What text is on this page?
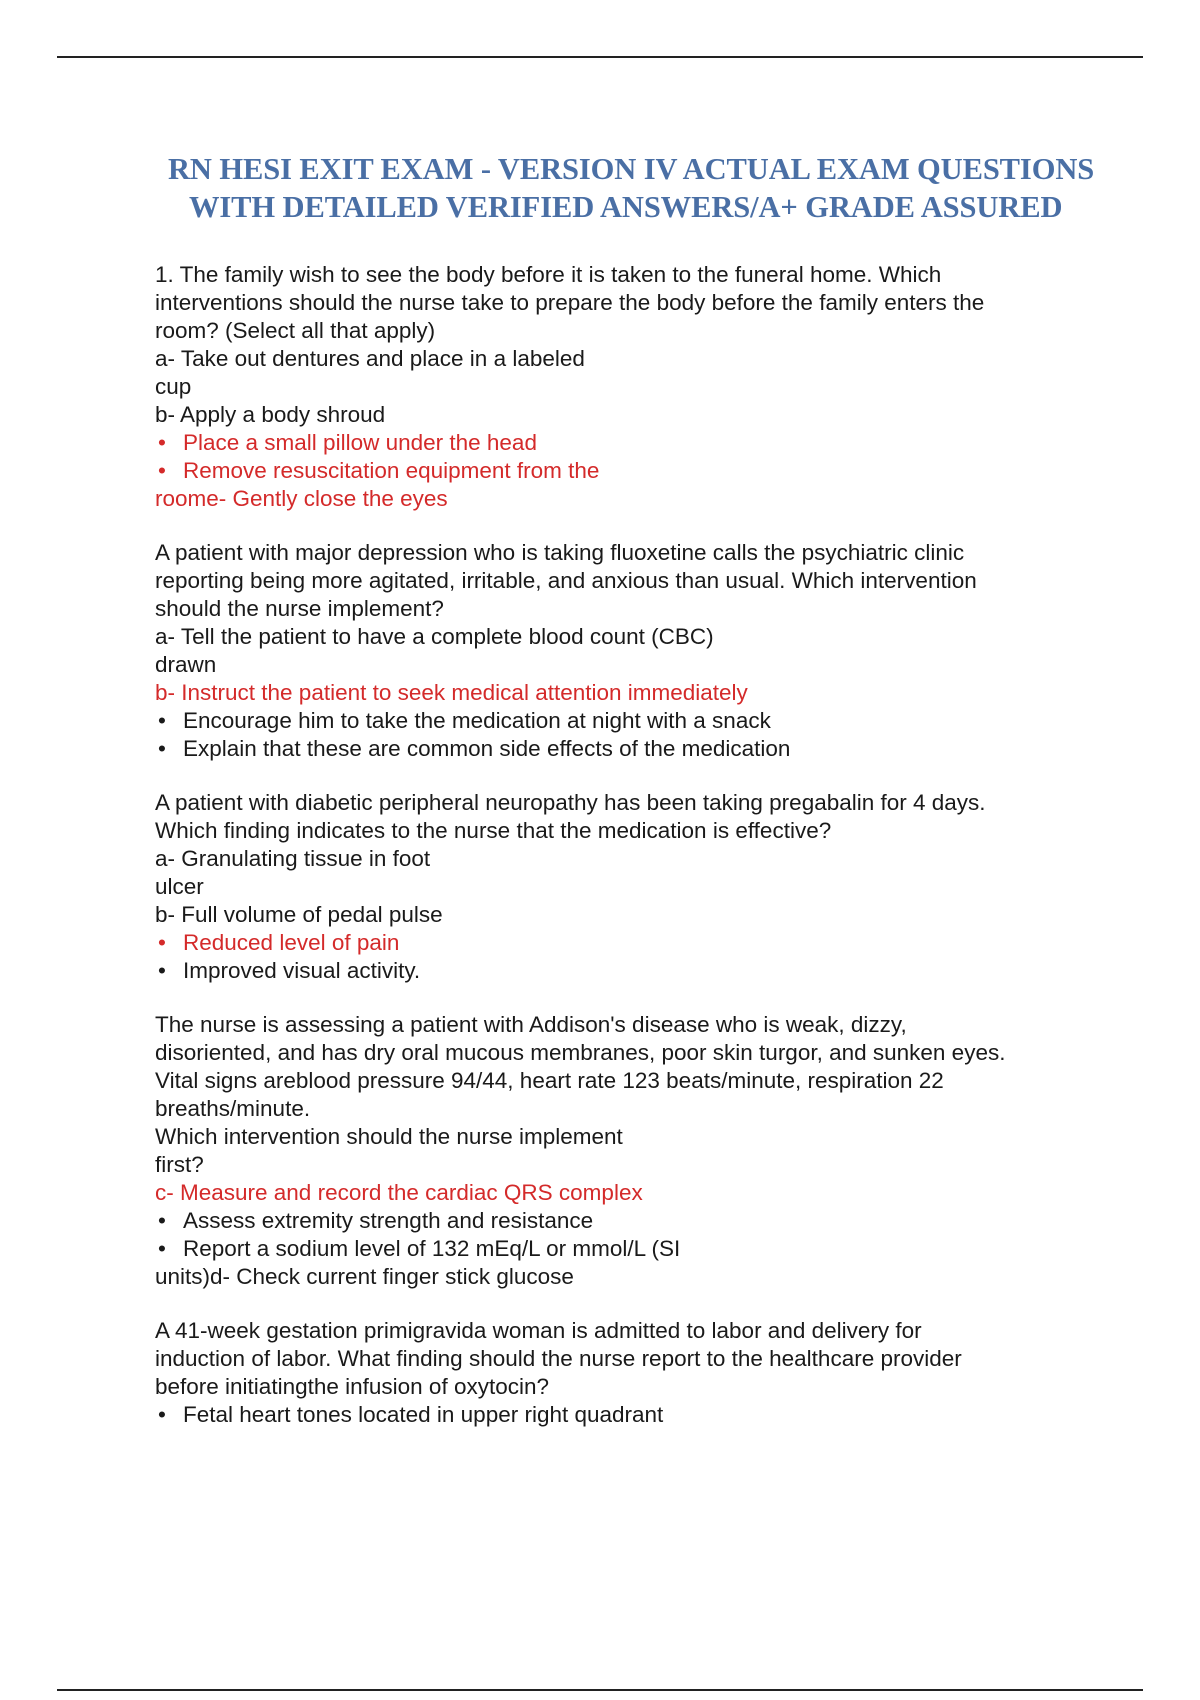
RN HESI EXIT EXAM - VERSION IV ACTUAL EXAM QUESTIONS
WITH DETAILED VERIFIED ANSWERS/A+ GRADE ASSURED
1. The family wish to see the body before it is taken to the funeral home. Which
interventions should the nurse take to prepare the body before the family enters the
room? (Select all that apply)
a- Take out dentures and place in a labeled
cup
b- Apply a body shroud
• Place a small pillow under the head
• Remove resuscitation equipment from the
roome- Gently close the eyes
A patient with major depression who is taking fluoxetine calls the psychiatric clinic
reporting being more agitated, irritable, and anxious than usual. Which intervention
should the nurse implement?
a- Tell the patient to have a complete blood count (CBC)
drawn
b- Instruct the patient to seek medical attention immediately
• Encourage him to take the medication at night with a snack
• Explain that these are common side effects of the medication
A patient with diabetic peripheral neuropathy has been taking pregabalin for 4 days.
Which finding indicates to the nurse that the medication is effective?
a- Granulating tissue in foot
ulcer
b- Full volume of pedal pulse
• Reduced level of pain
• Improved visual activity.
The nurse is assessing a patient with Addison's disease who is weak, dizzy,
disoriented, and has dry oral mucous membranes, poor skin turgor, and sunken eyes.
Vital signs areblood pressure 94/44, heart rate 123 beats/minute, respiration 22
breaths/minute.
Which intervention should the nurse implement
first?
c- Measure and record the cardiac QRS complex
• Assess extremity strength and resistance
• Report a sodium level of 132 mEq/L or mmol/L (SI
units)d- Check current finger stick glucose
A 41-week gestation primigravida woman is admitted to labor and delivery for
induction of labor. What finding should the nurse report to the healthcare provider
before initiatingthe infusion of oxytocin?
• Fetal heart tones located in upper right quadrant
